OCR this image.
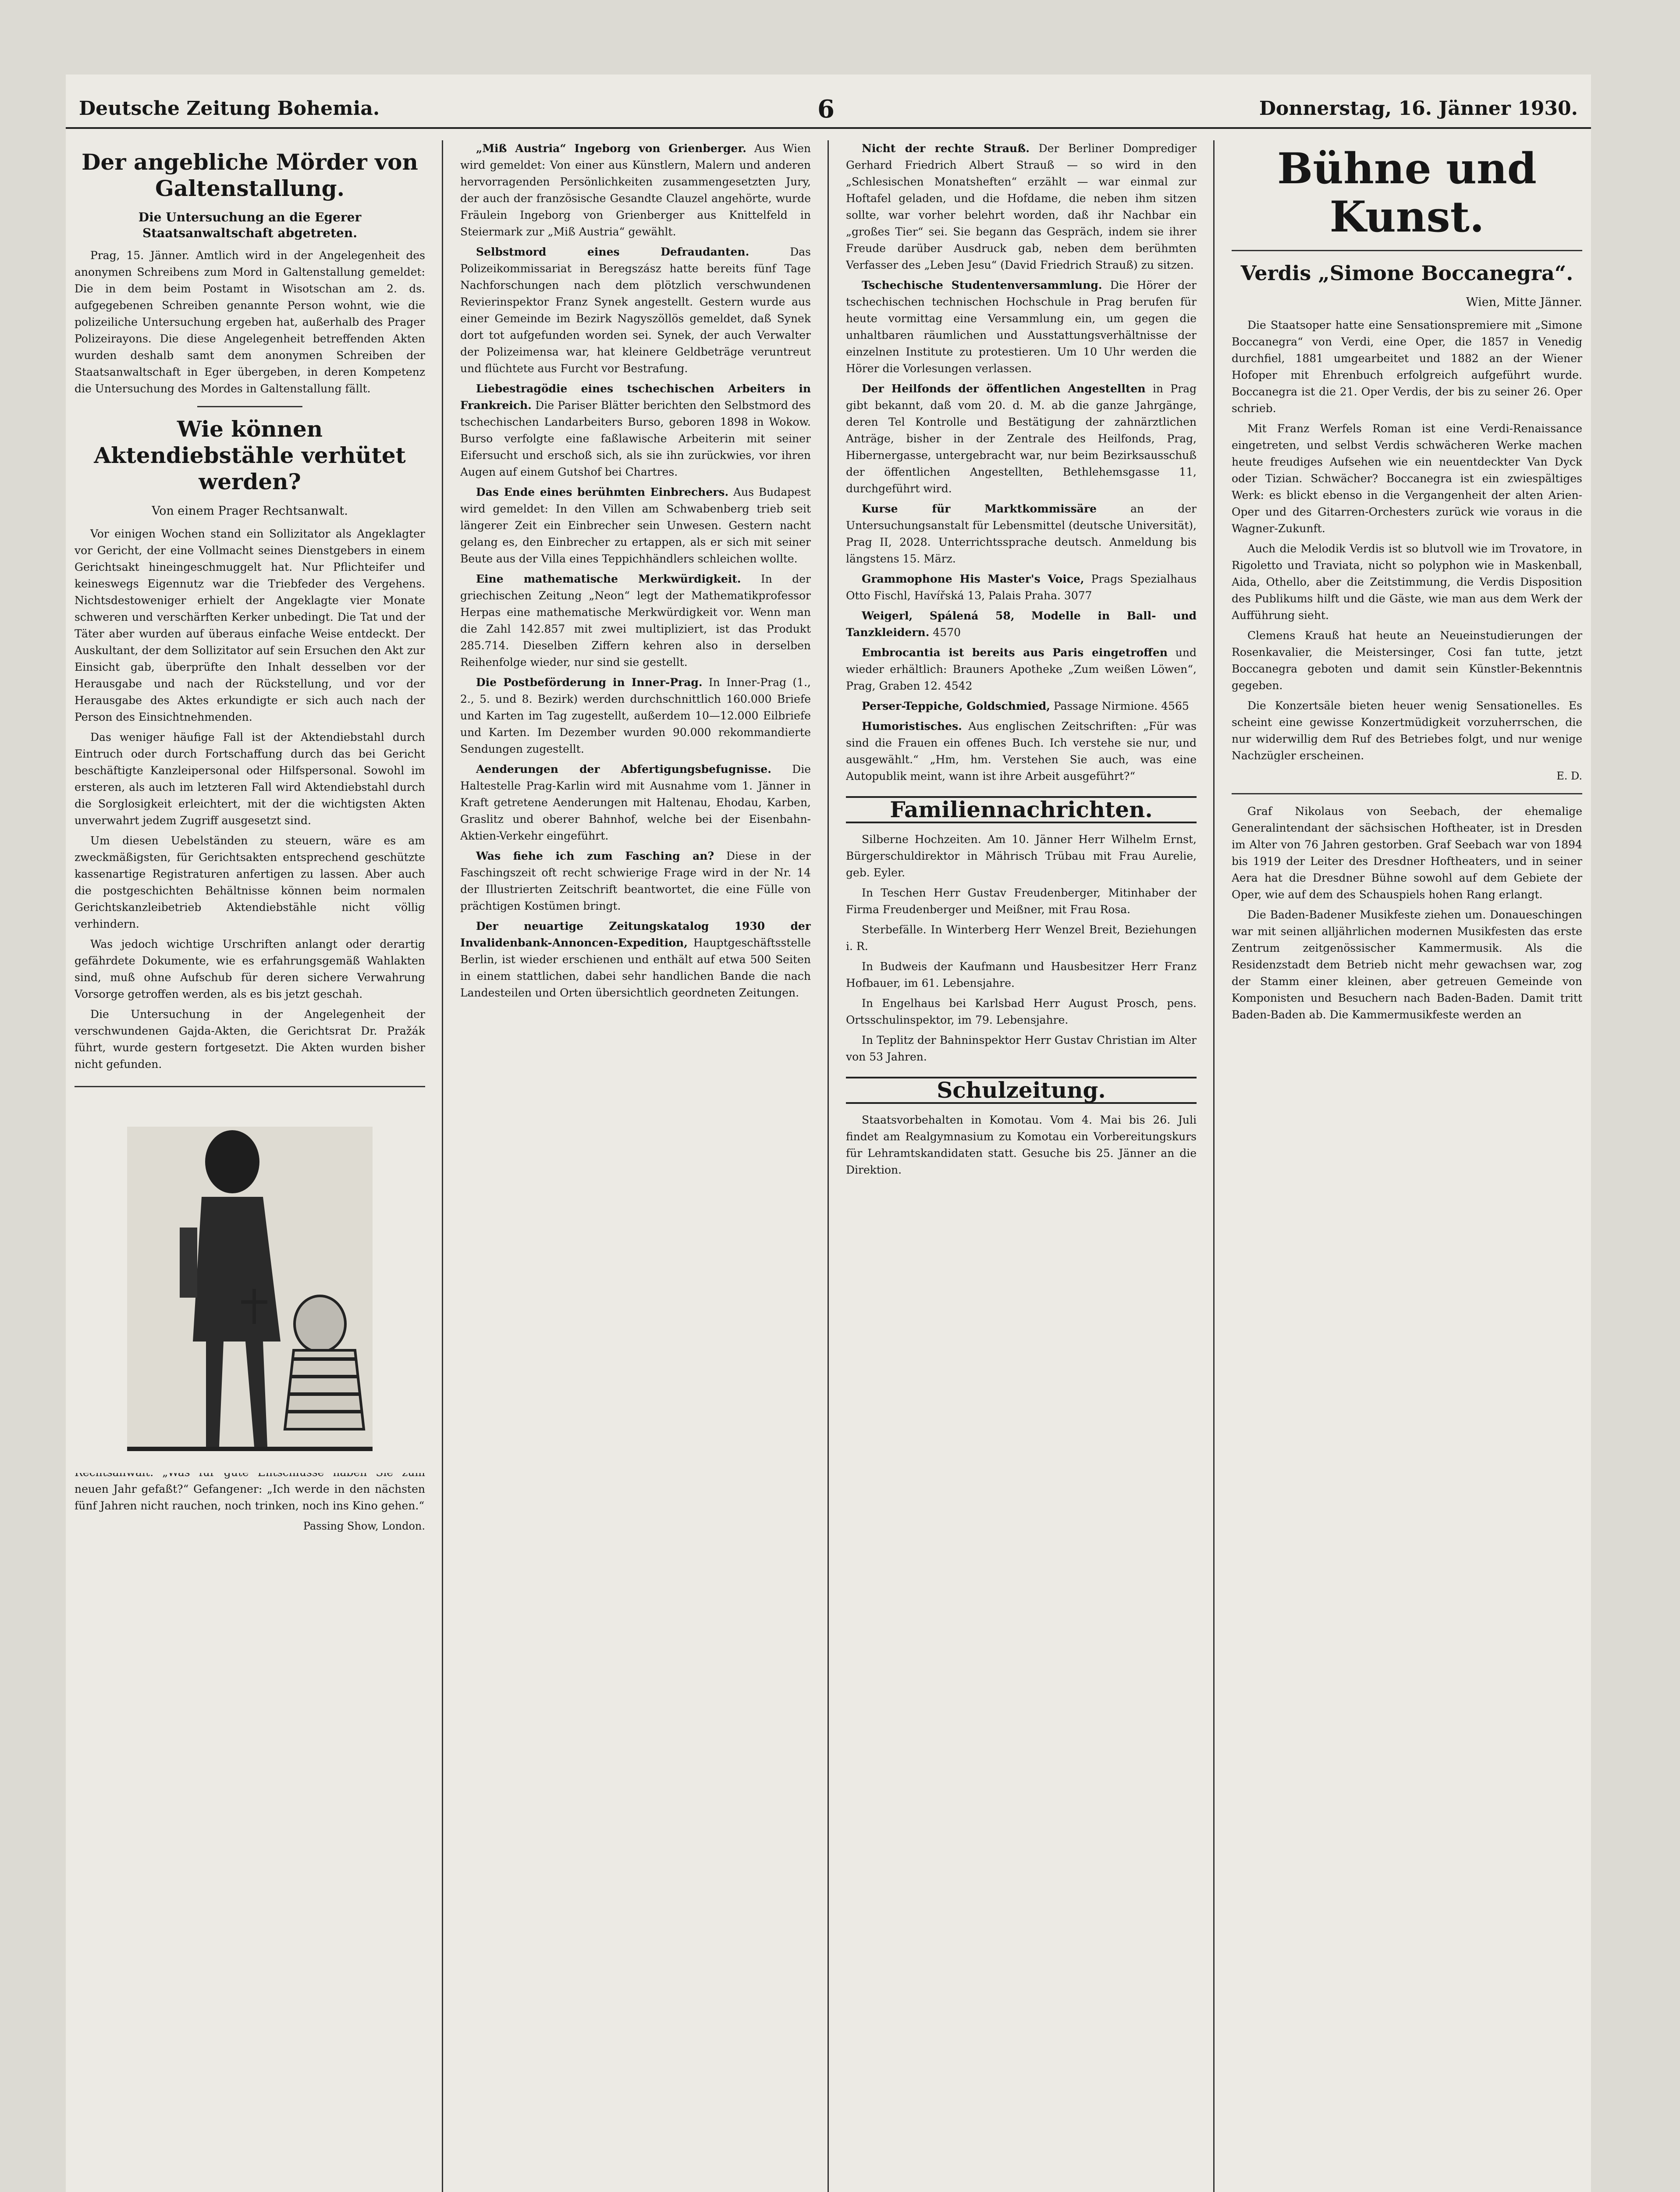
Deutsche Zeitung Bohemia.	6	Donnerstag, 16. Jänner 1930.
Der angebliche Mörder von Galtenstallung.
Die Untersuchung an die Egerer Staatsanwaltschaft abgetreten.

Prag, 15. Jänner. Amtlich wird in der Angelegenheit des anonymen Schreibens zum Mord in Galtenstallung gemeldet: Die in dem beim Postamt in Wisotschan am 2. ds. aufgegebenen Schreiben genannte Person wohnt, wie die polizeiliche Untersuchung ergeben hat, außerhalb des Prager Polizeirayons. Die diese Angelegenheit betreffenden Akten wurden deshalb samt dem anonymen Schreiben der Staatsanwaltschaft in Eger übergeben, in deren Kompetenz die Untersuchung des Mordes in Galtenstallung fällt.

Wie können Aktendiebstähle verhütet werden?
Von einem Prager Rechtsanwalt.

Vor einigen Wochen stand ein Sollizitator als Angeklagter vor Gericht, der eine Vollmacht seines Dienstgebers in einem Gerichtsakt hineingeschmuggelt hat. Nur Pflichteifer und keineswegs Eigennutz war die Triebfeder des Vergehens. Nichtsdestoweniger erhielt der Angeklagte vier Monate schweren und verschärften Kerker unbedingt. Die Tat und der Täter aber wurden auf überaus einfache Weise entdeckt. Der Auskultant, der dem Sollizitator auf sein Ersuchen den Akt zur Einsicht gab, überprüfte den Inhalt desselben vor der Herausgabe und nach der Rückstellung, und vor der Herausgabe des Aktes erkundigte er sich auch nach der Person des Einsichtnehmenden.

Das weniger häufige Fall ist der Aktendiebstahl durch Eintruch oder durch Fortschaffung durch das bei Gericht beschäftigte Kanzleipersonal oder Hilfspersonal. Sowohl im ersteren, als auch im letzteren Fall wird Aktendiebstahl durch die Sorglosigkeit erleichtert, mit der die wichtigsten Akten unverwahrt jedem Zugriff ausgesetzt sind.

Um diesen Uebelständen zu steuern, wäre es am zweckmäßigsten, für Gerichtsakten entsprechend geschützte kassenartige Registraturen anfertigen zu lassen. Aber auch die postgeschichten Behältnisse können beim normalen Gerichtskanzleibetrieb Aktendiebstähle nicht völlig verhindern.

Was jedoch wichtige Urschriften anlangt oder derartig gefährdete Dokumente, wie es erfahrungsgemäß Wahlakten sind, muß ohne Aufschub für deren sichere Verwahrung Vorsorge getroffen werden, als es bis jetzt geschah.

Die Untersuchung in der Angelegenheit der verschwundenen Gajda-Akten, die Gerichtsrat Dr. Pražák führt, wurde gestern fortgesetzt. Die Akten wurden bisher nicht gefunden.

neuen Jahr gefaßt?“ Gefangener: „Ich werde in den nächsten fünf Jahren nicht rauchen, noch trinken, noch ins Kino gehen.“

Passing Show, London.

„Miß Austria“ Ingeborg von Grienberger. Aus Wien wird gemeldet: Von einer aus Künstlern, Malern und anderen hervorragenden Persönlichkeiten zusammengesetzten Jury, der auch der französische Gesandte Clauzel angehörte, wurde Fräulein Ingeborg von Grienberger aus Knittelfeld in Steiermark zur „Miß Austria“ gewählt.

Selbstmord eines Defraudanten.	Das Polizeikommissariat in Beregszász hatte bereits fünf Tage Nachforschungen nach dem plötzlich verschwundenen Revierinspektor Franz Synek angestellt. Gestern wurde aus einer Gemeinde im Bezirk Nagyszöllös gemeldet, daß Synek dort tot aufgefunden worden sei. Synek, der auch Verwalter der Polizeimensa war, hat kleinere Geldbeträge veruntreut und flüchtete aus Furcht vor Bestrafung.

Liebestragödie eines tschechischen Arbeiters in Frankreich. Die Pariser Blätter berichten den Selbstmord des tschechischen Landarbeiters Burso, geboren 1898 in Wokow. Burso verfolgte eine faßlawische Arbeiterin mit seiner Eifersucht und erschoß sich, als sie ihn zurückwies, vor ihren Augen auf einem Gutshof bei Chartres.

Das Ende eines berühmten Einbrechers. Aus Budapest wird gemeldet: In den Villen am Schwabenberg trieb seit längerer Zeit ein Einbrecher sein Unwesen. Gestern nacht gelang es, den Einbrecher zu ertappen, als er sich mit seiner Beute aus der Villa eines Teppichhändlers schleichen wollte.

Eine mathematische Merkwürdigkeit. In der griechischen Zeitung „Neon“ legt der Mathematikprofessor Herpas eine mathematische Merkwürdigkeit vor. Wenn man die Zahl 142.857 mit zwei multipliziert, ist das Produkt 285.714. Dieselben Ziffern kehren also in derselben Reihenfolge wieder, nur sind sie gestellt.

Die Postbeförderung in Inner-Prag. In Inner-Prag (1., 2., 5. und 8. Bezirk) werden durchschnittlich 160.000 Briefe und Karten im Tag zugestellt, außerdem 10—12.000 Eilbriefe und Karten. Im Dezember wurden 90.000 rekommandierte Sendungen zugestellt.

Aenderungen der Abfertigungsbefugnisse. Die Haltestelle Prag-Karlin wird mit Ausnahme vom 1. Jänner in Kraft getretene Aenderungen mit Haltenau, Ehodau, Karben, Graslitz und oberer Bahnhof, welche bei der Eisenbahn-Aktien-Verkehr eingeführt.

Was fiehe ich zum Fasching an? Diese in der Faschingszeit oft recht schwierige Frage wird in der Nr. 14 der Illustrierten Zeitschrift beantwortet, die eine Fülle von prächtigen Kostümen bringt.

Der neuartige Zeitungskatalog 1930 der Invalidenbank-Annoncen-Expedition, Hauptgeschäftsstelle Berlin, ist wieder erschienen und enthält auf etwa 500 Seiten in einem stattlichen, dabei sehr handlichen Bande die nach Landesteilen und Orten übersichtlich geordneten Zeitungen.

Nicht der rechte Strauß. Der Berliner Domprediger Gerhard Friedrich Albert Strauß — so wird in den „Schlesischen Monatsheften“ erzählt — war einmal zur Hoftafel geladen, und die Hofdame, die neben ihm sitzen sollte, war vorher belehrt worden, daß ihr Nachbar ein „großes Tier“ sei. Sie begann das Gespräch, indem sie ihrer Freude darüber Ausdruck gab, neben dem berühmten Verfasser des „Leben Jesu“ (David Friedrich Strauß) zu sitzen.

Tschechische Studentenversammlung. Die Hörer der tschechischen technischen Hochschule in Prag berufen für heute vormittag eine Versammlung ein, um gegen die unhaltbaren räumlichen und Ausstattungsverhältnisse der einzelnen Institute zu protestieren. Um 10 Uhr werden die Hörer die Vorlesungen verlassen.

Der Heilfonds der öffentlichen Angestellten in Prag gibt bekannt, daß vom 20. d. M. ab die ganze Jahrgänge, deren Tel Kontrolle und Bestätigung der zahnärztlichen Anträge, bisher in der Zentrale des Heilfonds, Prag, Hibernergasse, untergebracht war, nur beim Bezirksausschuß der öffentlichen Angestellten, Bethlehemsgasse 11, durchgeführt wird.

Kurse für Marktkommissäre	an der Untersuchungsanstalt für Lebensmittel (deutsche Universität), Prag II, 2028. Unterrichtssprache deutsch. Anmeldung bis längstens 15. März.

Grammophone His Master's Voice, Prags Spezialhaus Otto Fischl, Havířská 13, Palais Praha. 3077

Weigerl, Spálená 58, Modelle in Ball- und Tanzkleidern. 4570

Embrocantia ist bereits aus Paris eingetroffen und wieder erhältlich: Brauners Apotheke „Zum weißen Löwen“, Prag, Graben 12. 4542

Perser-Teppiche, Goldschmied, Passage Nirmione. 4565

Humoristisches. Aus englischen Zeitschriften: „Für was sind die Frauen ein offenes Buch. Ich verstehe sie nur, und ausgewählt.“ „Hm, hm. Verstehen Sie auch, was eine Autopublik meint, wann ist ihre Arbeit ausgeführt?“

Familiennachrichten.

Silberne Hochzeiten. Am 10. Jänner Herr Wilhelm Ernst, Bürgerschuldirektor in Mährisch Trübau mit Frau Aurelie, geb. Eyler.

In Teschen Herr Gustav Freudenberger, Mitinhaber der Firma Freudenberger und Meißner, mit Frau Rosa.

Sterbefälle. In Winterberg Herr Wenzel Breit, Beziehungen i. R.

In Budweis der Kaufmann und Hausbesitzer Herr Franz Hofbauer, im 61. Lebensjahre.

In Engelhaus bei Karlsbad Herr August Prosch, pens. Ortsschulinspektor, im 79. Lebensjahre.

In Teplitz der Bahninspektor Herr Gustav Christian im Alter von 53 Jahren.

Schulzeitung.

Staatsvorbehalten in Komotau. Vom 4. Mai bis 26. Juli findet am Realgymnasium zu Komotau ein Vorbereitungskurs für Lehramtskandidaten statt. Gesuche bis 25. Jänner an die Direktion.

Bühne und Kunst.
Verdis „Simone Boccanegra“.
Wien, Mitte Jänner.

Die Staatsoper hatte eine Sensationspremiere mit „Simone Boccanegra“ von Verdi, eine Oper, die 1857 in Venedig durchfiel, 1881 umgearbeitet und 1882 an der Wiener Hofoper mit Ehrenbuch erfolgreich aufgeführt wurde. Boccanegra ist die 21. Oper Verdis, der bis zu seiner 26. Oper schrieb.

Mit Franz Werfels Roman ist eine Verdi-Renaissance eingetreten, und selbst Verdis schwächeren Werke machen heute freudiges Aufsehen wie ein neuentdeckter Van Dyck oder Tizian. Schwächer? Boccanegra ist ein zwiespältiges Werk: es blickt ebenso in die Vergangenheit der alten Arien-Oper und des Gitarren-Orchesters zurück wie voraus in die Wagner-Zukunft.

Auch die Melodik Verdis ist so blutvoll wie im Trovatore, in Rigoletto und Traviata, nicht so polyphon wie in Maskenball, Aida, Othello, aber die Zeitstimmung, die Verdis Disposition des Publikums hilft und die Gäste, wie man aus dem Werk der Aufführung sieht.

Clemens Krauß hat heute an Neueinstudierungen der Rosenkavalier, die Meistersinger, Cosi fan tutte, jetzt Boccanegra geboten und damit sein Künstler-Bekenntnis gegeben.

Die Konzertsäle bieten heuer wenig Sensationelles. Es scheint eine gewisse Konzertmüdigkeit vorzuherrschen, die nur widerwillig dem Ruf des Betriebes folgt, und nur wenige Nachzügler erscheinen.

E. D.

Graf Nikolaus von Seebach, der ehemalige Generalintendant der sächsischen Hoftheater, ist in Dresden im Alter von 76 Jahren gestorben. Graf Seebach war von 1894 bis 1919 der Leiter des Dresdner Hoftheaters, und in seiner Aera hat die Dresdner Bühne sowohl auf dem Gebiete der Oper, wie auf dem des Schauspiels hohen Rang erlangt.

Die Baden-Badener Musikfeste ziehen um. Donaueschingen war mit seinen alljährlichen modernen Musikfesten das erste Zentrum zeitgenössischer Kammermusik. Als die Residenzstadt dem Betrieb nicht mehr gewachsen war, zog der Stamm einer kleinen, aber getreuen Gemeinde von Komponisten und Besuchern nach Baden-Baden. Damit tritt Baden-Baden ab. Die Kammermusikfeste werden an
